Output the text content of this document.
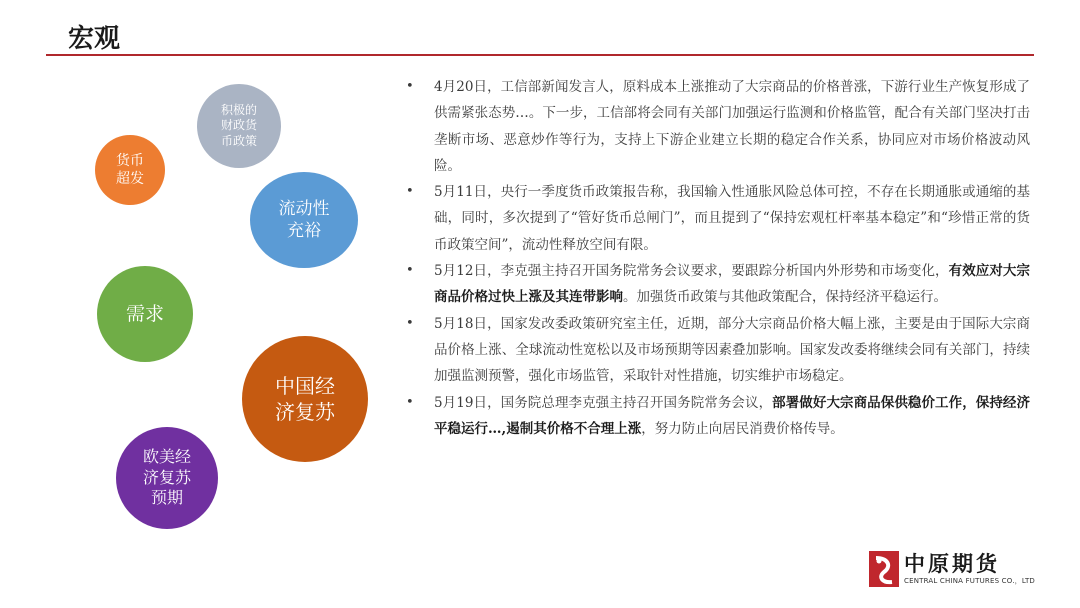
宏观
积极的
财政货
币政策
货币
超发
流动性
充裕
需求
中国经
济复苏
欧美经
济复苏
预期
• 4月20日，工信部新闻发言人，原料成本上涨推动了大宗商品的价格普涨，下游行业生产恢复形成了供需紧张态势…。下一步，工信部将会同有关部门加强运行监测和价格监管，配合有关部门坚决打击垄断市场、恶意炒作等行为，支持上下游企业建立长期的稳定合作关系，协同应对市场价格波动风险。
• 5月11日，央行一季度货币政策报告称，我国输入性通胀风险总体可控，不存在长期通胀或通缩的基础，同时，多次提到了“管好货币总闸门”，而且提到了“保持宏观杠杆率基本稳定”和“珍惜正常的货币政策空间”，流动性释放空间有限。
• 5月12日，李克强主持召开国务院常务会议要求，要跟踪分析国内外形势和市场变化，有效应对大宗商品价格过快上涨及其连带影响。加强货币政策与其他政策配合，保持经济平稳运行。
• 5月18日，国家发改委政策研究室主任，近期，部分大宗商品价格大幅上涨，主要是由于国际大宗商品价格上涨、全球流动性宽松以及市场预期等因素叠加影响。国家发改委将继续会同有关部门，持续加强监测预警，强化市场监管，采取针对性措施，切实维护市场稳定。
• 5月19日，国务院总理李克强主持召开国务院常务会议，部署做好大宗商品保供稳价工作，保持经济平稳运行…,遏制其价格不合理上涨，努力防止向居民消费价格传导。
中原期货
CENTRAL CHINA FUTURES CO.，LTD
